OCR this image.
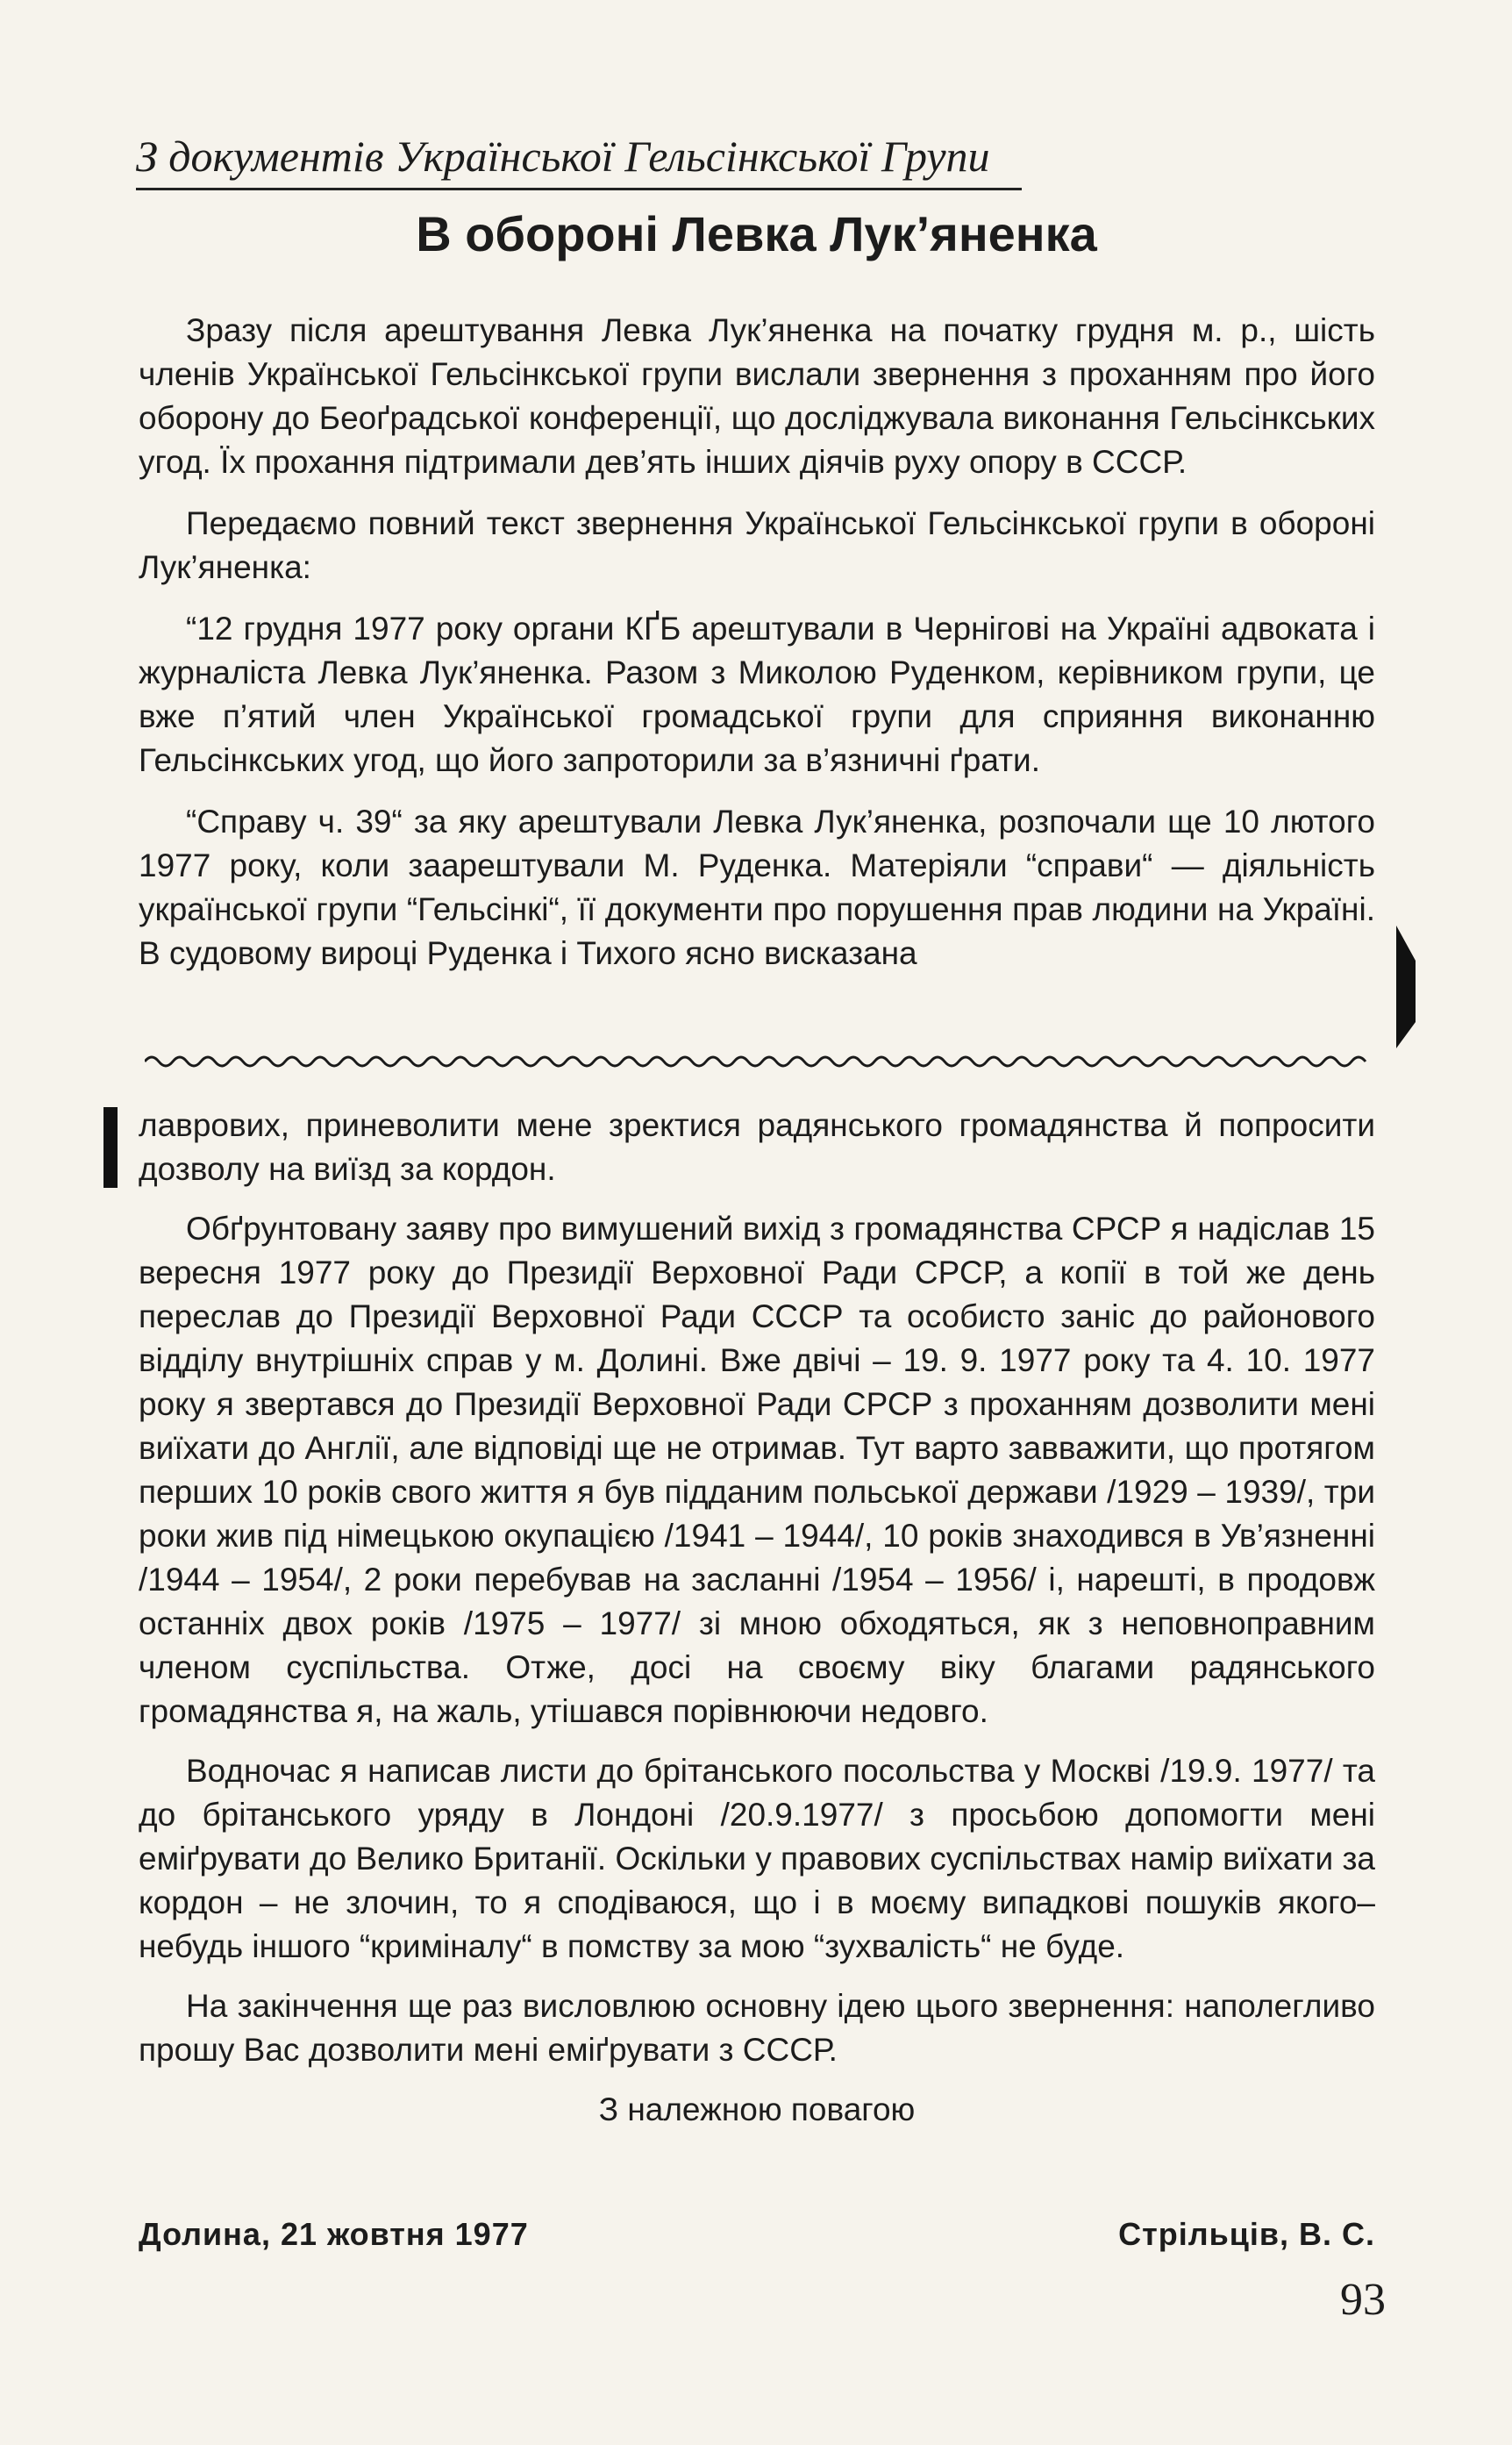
З документів Української Гельсінкської Групи
В обороні Левка Лук’яненка

Зразу після арештування Левка Лук’яненка на початку грудня м. р., шість членів Української Гельсінкської групи вислали звернення з проханням про його оборону до Беоґрадської конференції, що досліджувала виконання Гельсінкських угод. Їх прохання підтримали дев’ять інших діячів руху опору в СССР.

Передаємо повний текст звернення Української Гельсінкської групи в обороні Лук’яненка:

“12 грудня 1977 року органи КҐБ арештували в Чернігові на Україні адвоката і журналіста Левка Лук’яненка. Разом з Миколою Руденком, керівником групи, це вже п’ятий член Української громадської групи для сприяння виконанню Гельсінкських угод, що його запроторили за в’язничні ґрати.

“Справу ч. 39“ за яку арештували Левка Лук’яненка, розпочали ще 10 лютого 1977 року, коли заарештували М. Руденка. Матеріяли “справи“ — діяльність української групи “Гельсінкі“, її документи про порушення прав людини на Україні. В судовому вироці Руденка і Тихого ясно висказана

лаврових, приневолити мене зректися радянського громадянства й попросити дозволу на виїзд за кордон.

Обґрунтовану заяву про вимушений вихід з громадянства СРСР я надіслав 15 вересня 1977 року до Президії Верховної Ради СРСР, а копії в той же день переслав до Президії Верховної Ради СССР та особисто заніс до районового відділу внутрішніх справ у м. Долині. Вже двічі – 19. 9. 1977 року та 4. 10. 1977 року я звертався до Президії Верховної Ради СРСР з проханням дозволити мені виїхати до Англії, але відповіді ще не отримав. Тут варто завважити, що протягом перших 10 років свого життя я був підданим польської держави /1929 – 1939/, три роки жив під німецькою окупацією /1941 – 1944/, 10 років знаходився в Ув’язненні /1944 – 1954/, 2 роки перебував на засланні /1954 – 1956/ і, нарешті, в продовж останніх двох років /1975 – 1977/ зі мною обходяться, як з неповноправним членом суспільства. Отже, досі на своєму віку благами радянського громадянства я, на жаль, утішався порівнюючи недовго.

Водночас я написав листи до брітанського посольства у Москві /19.9. 1977/ та до брітанського уряду в Лондоні /20.9.1977/ з просьбою допомогти мені еміґрувати до Велико Британії. Оскільки у правових суспільствах намір виїхати за кордон – не злочин, то я сподіваюся, що і в моєму випадкові пошуків якого–небудь іншого “криміналу“ в помству за мою “зухвалість“ не буде.

На закінчення ще раз висловлюю основну ідею цього звернення: наполегливо прошу Вас дозволити мені еміґрувати з СССР.

З належною повагою

Долина, 21 жовтня 1977	Стрільців, В. С.
93
